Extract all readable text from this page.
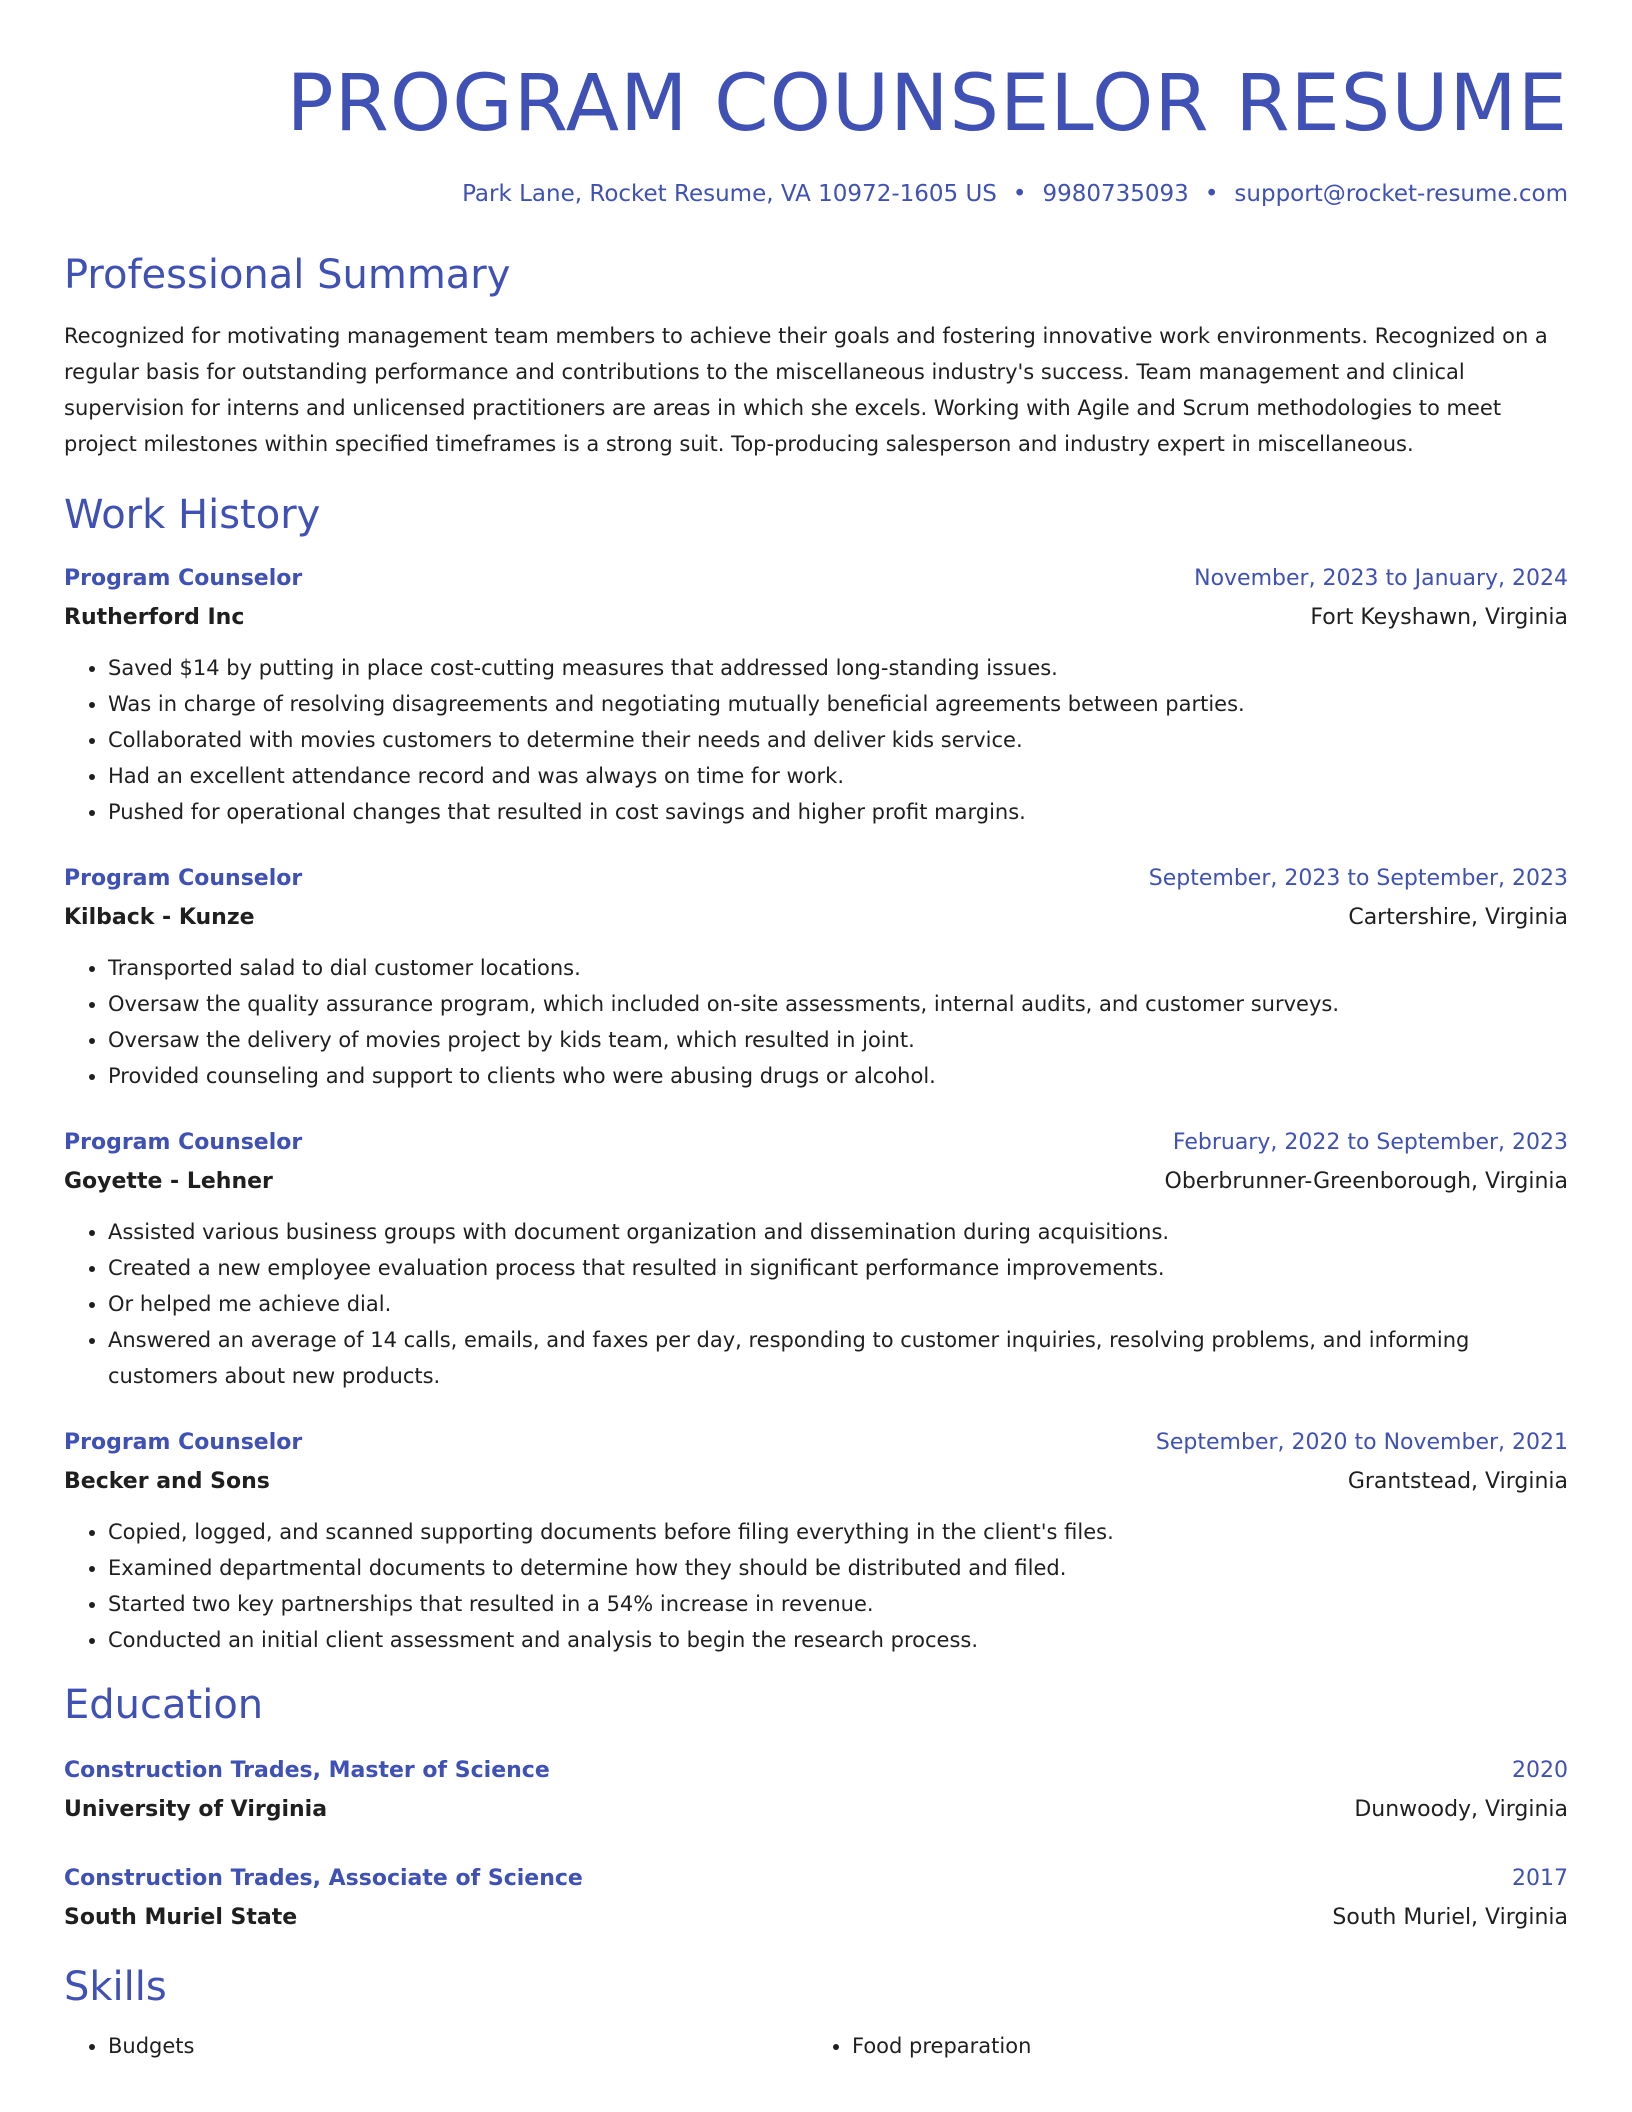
PROGRAM COUNSELOR RESUME
Park Lane, Rocket Resume, VA 10972-1605 US • 9980735093 • support@rocket-resume.com
Professional Summary
Recognized for motivating management team members to achieve their goals and fostering innovative work environments. Recognized on a regular basis for outstanding performance and contributions to the miscellaneous industry's success. Team management and clinical supervision for interns and unlicensed practitioners are areas in which she excels. Working with Agile and Scrum methodologies to meet project milestones within specified timeframes is a strong suit. Top-producing salesperson and industry expert in miscellaneous.
Work History
Program Counselor	November, 2023 to January, 2024
Rutherford Inc	Fort Keyshawn, Virginia
• Saved $14 by putting in place cost-cutting measures that addressed long-standing issues.
• Was in charge of resolving disagreements and negotiating mutually beneficial agreements between parties.
• Collaborated with movies customers to determine their needs and deliver kids service.
• Had an excellent attendance record and was always on time for work.
• Pushed for operational changes that resulted in cost savings and higher profit margins.
Program Counselor	September, 2023 to September, 2023
Kilback - Kunze	Cartershire, Virginia
• Transported salad to dial customer locations.
• Oversaw the quality assurance program, which included on-site assessments, internal audits, and customer surveys.
• Oversaw the delivery of movies project by kids team, which resulted in joint.
• Provided counseling and support to clients who were abusing drugs or alcohol.
Program Counselor	February, 2022 to September, 2023
Goyette - Lehner	Oberbrunner-Greenborough, Virginia
• Assisted various business groups with document organization and dissemination during acquisitions.
• Created a new employee evaluation process that resulted in significant performance improvements.
• Or helped me achieve dial.
• Answered an average of 14 calls, emails, and faxes per day, responding to customer inquiries, resolving problems, and informing customers about new products.
Program Counselor	September, 2020 to November, 2021
Becker and Sons	Grantstead, Virginia
• Copied, logged, and scanned supporting documents before filing everything in the client's files.
• Examined departmental documents to determine how they should be distributed and filed.
• Started two key partnerships that resulted in a 54% increase in revenue.
• Conducted an initial client assessment and analysis to begin the research process.
Education
Construction Trades, Master of Science	2020
University of Virginia	Dunwoody, Virginia
Construction Trades, Associate of Science	2017
South Muriel State	South Muriel, Virginia
Skills
• Budgets
•	Food preparation
